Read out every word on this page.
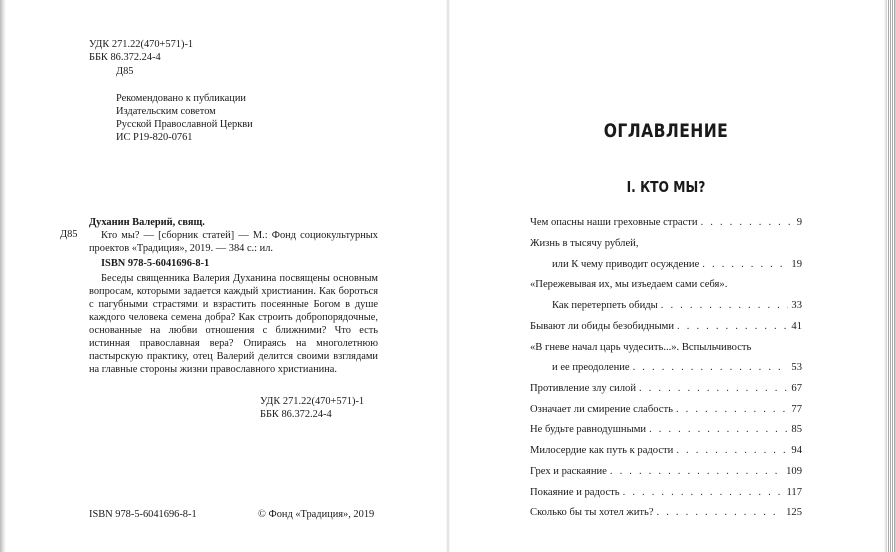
УДК 271.22(470+571)-1
ББК 86.372.24-4
Д85
Рекомендовано к публикации
Издательским советом
Русской Православной Церкви
ИС Р19-820-0761
Д85

Духанин Валерий, свящ.

Кто мы? — [сборник статей] — М.: Фонд социокультурных проектов «Традиция», 2019. — 384 с.: ил.

ISBN 978-5-6041696-8-1

Беседы священника Валерия Духанина посвящены основным вопросам, которыми задается каждый христианин. Как бороться с пагубными страстями и взрастить посеянные Богом в душе каждого человека семена добра? Как строить добропорядочные, основанные на любви отношения с ближними? Что есть истинная православная вера? Опираясь на многолетнюю пастырскую практику, отец Валерий делится своими взглядами на главные стороны жизни православного христианина.

УДК 271.22(470+571)-1
ББК 86.372.24-4
ISBN 978-5-6041696-8-1	© Фонд «Традиция», 2019
ОГЛАВЛЕНИЕ
I. КТО МЫ?
Чем опасны наши греховные страсти . . .	9
Жизнь в тысячу рублей,
или К чему приводит осуждение . . .	19
«Пережевывая их, мы изъедаем сами себя».
Как перетерпеть обиды . . .	33
Бывают ли обиды безобидными . . .	41
«В гневе начал царь чудесить...». Вспыльчивость
и ее преодоление . . .	53
Противление злу силой . . .	67
Означает ли смирение слабость . . .	77
Не будьте равнодушными . . .	85
Милосердие как путь к радости . . .	94
Грех и раскаяние . . .	109
Покаяние и радость . . .	117
Сколько бы ты хотел жить? . . .	125
